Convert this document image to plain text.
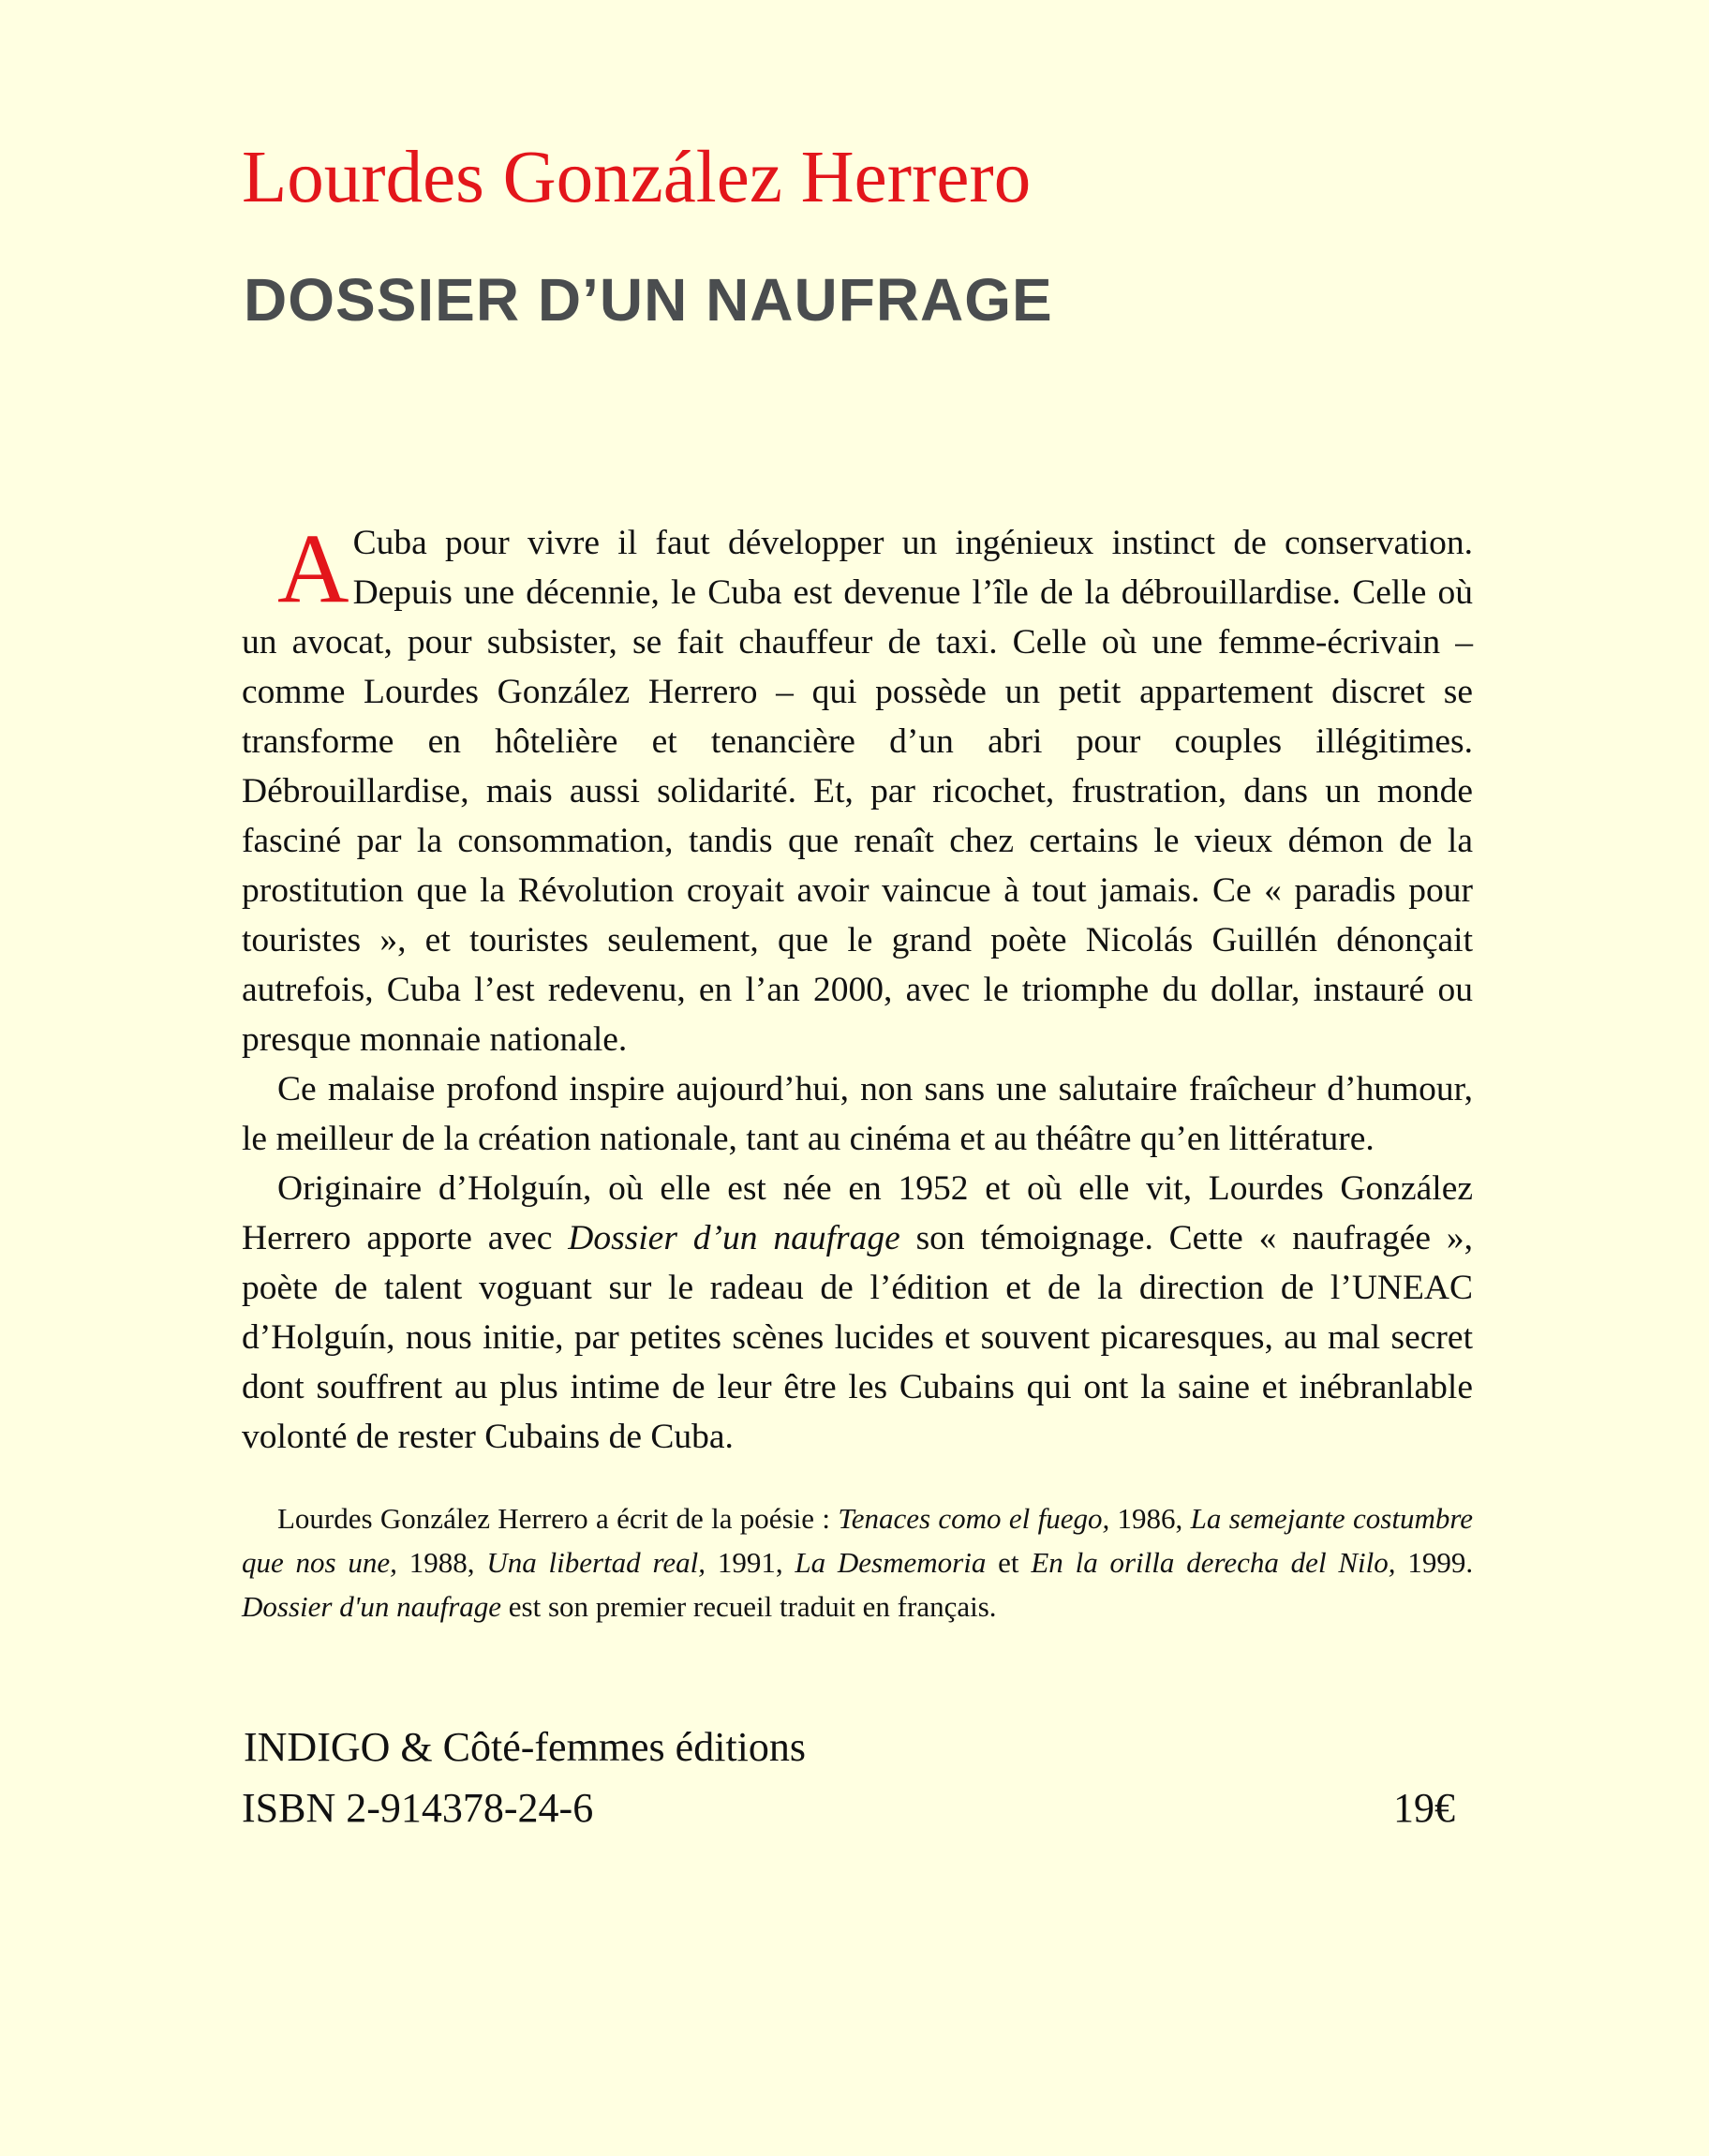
Lourdes González Herrero
DOSSIER D’UN NAUFRAGE

A Cuba pour vivre il faut développer un ingénieux instinct de conservation. Depuis une décennie, le Cuba est devenue l’île de la débrouillardise. Celle où un avocat, pour subsister, se fait chauffeur de taxi. Celle où une femme-écrivain – comme Lourdes González Herrero – qui possède un petit appartement discret se transforme en hôtelière et tenancière d’un abri pour couples illégitimes. Débrouillardise, mais aussi solidarité. Et, par ricochet, frustration, dans un monde fasciné par la consommation, tandis que renaît chez certains le vieux démon de la prostitution que la Révolution croyait avoir vaincue à tout jamais. Ce « paradis pour touristes », et touristes seulement, que le grand poète Nicolás Guillén dénonçait autrefois, Cuba l’est redevenu, en l’an 2000, avec le triomphe du dollar, instauré ou presque monnaie nationale.

Ce malaise profond inspire aujourd’hui, non sans une salutaire fraîcheur d’humour, le meilleur de la création nationale, tant au cinéma et au théâtre qu’en littérature.

Originaire d’Holguín, où elle est née en 1952 et où elle vit, Lourdes González Herrero apporte avec Dossier d’un naufrage son témoignage. Cette « naufragée », poète de talent voguant sur le radeau de l’édition et de la direction de l’UNEAC d’Holguín, nous initie, par petites scènes lucides et souvent picaresques, au mal secret dont souffrent au plus intime de leur être les Cubains qui ont la saine et inébranlable volonté de rester Cubains de Cuba.

Lourdes González Herrero a écrit de la poésie : Tenaces como el fuego, 1986, La semejante costumbre que nos une, 1988, Una libertad real, 1991, La Desmemoria et En la orilla derecha del Nilo, 1999. Dossier d'un naufrage est son premier recueil traduit en français.

INDIGO & Côté-femmes éditions
ISBN 2-914378-24-6	19€
